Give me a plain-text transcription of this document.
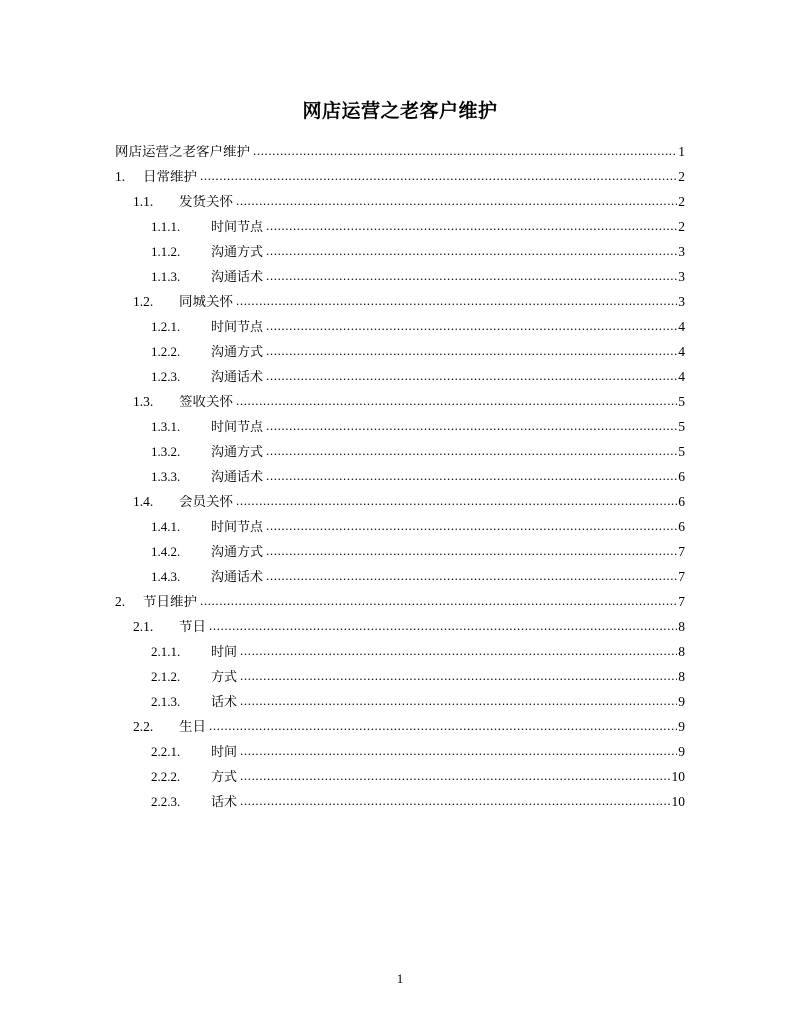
网店运营之老客户维护
网店运营之老客户维护 .....	1
1.	日常维护 .....	2
1.1.	发货关怀 .....	2
1.1.1.	时间节点 .....	2
1.1.2.	沟通方式 .....	3
1.1.3.	沟通话术 .....	3
1.2.	同城关怀 .....	3
1.2.1.	时间节点 .....	4
1.2.2.	沟通方式 .....	4
1.2.3.	沟通话术 .....	4
1.3.	签收关怀 .....	5
1.3.1.	时间节点 .....	5
1.3.2.	沟通方式 .....	5
1.3.3.	沟通话术 .....	6
1.4.	会员关怀 .....	6
1.4.1.	时间节点 .....	6
1.4.2.	沟通方式 .....	7
1.4.3.	沟通话术 .....	7
2.	节日维护 .....	7
2.1.	节日 .....	8
2.1.1.	时间 .....	8
2.1.2.	方式 .....	8
2.1.3.	话术 .....	9
2.2.	生日 .....	9
2.2.1.	时间 .....	9
2.2.2.	方式 .....	10
2.2.3.	话术 .....	10
1
